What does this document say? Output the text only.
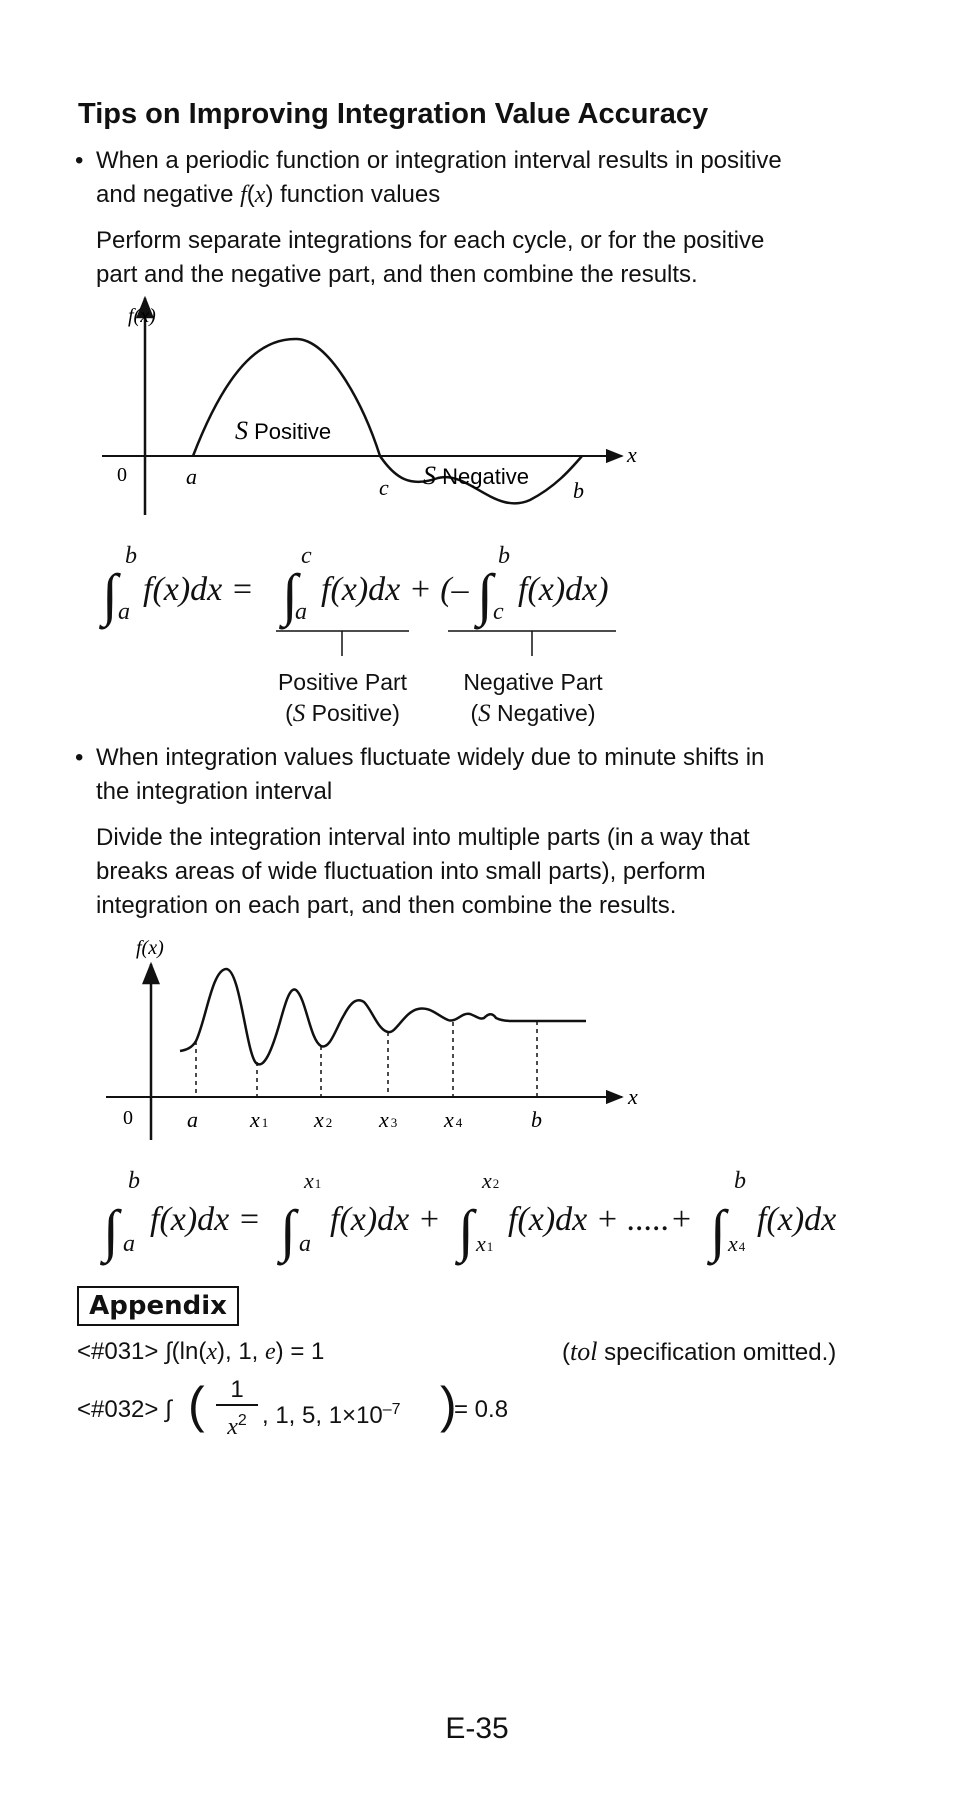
Tips on Improving Integration Value Accuracy
• When a periodic function or integration interval results in positive
and negative f(x) function values
Perform separate integrations for each cycle, or for the positive
part and the negative part, and then combine the results.
f(x)
x
0	a	c	b
S Positive
S Negative
∫
b
a
f(x)dx = ∫
c
a
f(x)dx + (– ∫
b
c
f(x)dx)
f(x)
x
0 a x 1 x 2 x 3 x 4	b
∫
b
a
f(x)dx = ∫
x1
a
f(x)dx + ∫
x2
x1
f(x)dx + .....+ ∫
b
x4
f(x)dx
Positive Part
(S Positive)
Negative Part
(S Negative)
• When integration values fluctuate widely due to minute shifts in
the integration interval
Divide the integration interval into multiple parts (in a way that
breaks areas of wide fluctuation into small parts), perform
integration on each part, and then combine the results.
Appendix
<#031> ∫(ln(x), 1, e) = 1	(tol specification omitted.)
<#032> ∫ ( $\frac{1}{x^2}$ , 1, 5, $1\times 10^{-7}$ )
= 0.8
E-35
